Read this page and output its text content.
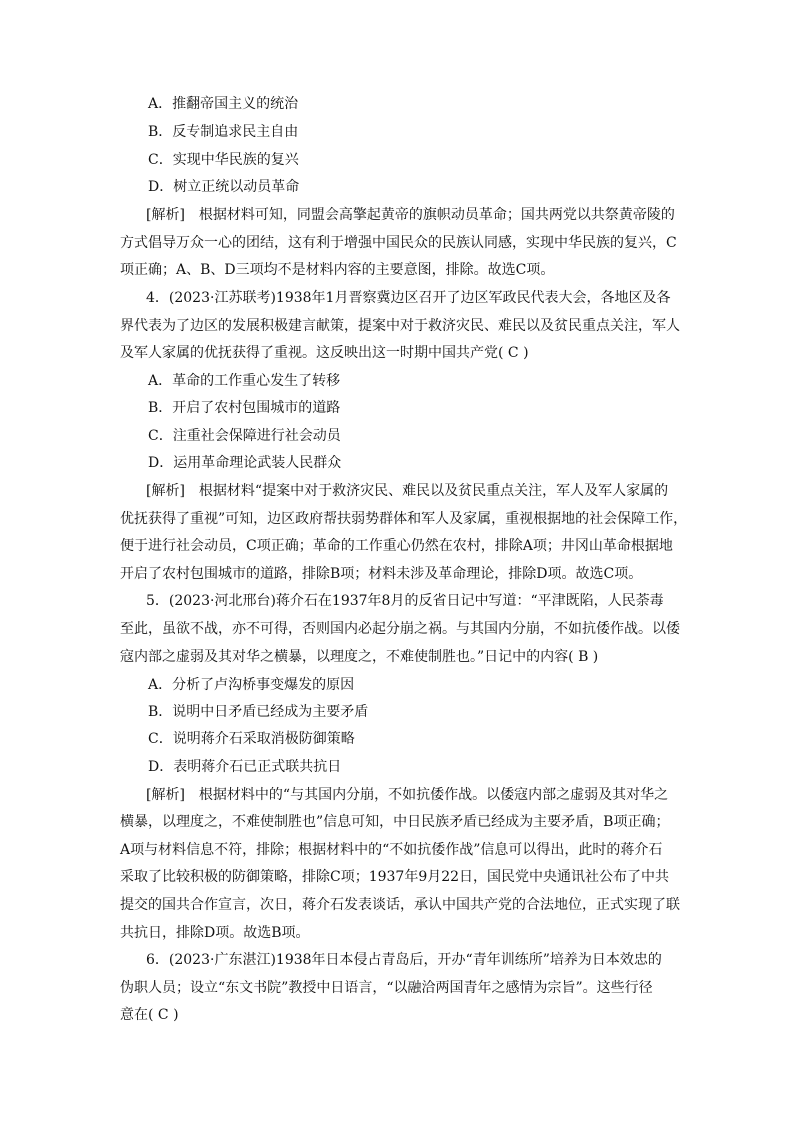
A．推翻帝国主义的统治
B．反专制追求民主自由
C．实现中华民族的复兴
D．树立正统以动员革命
[解析]　根据材料可知，同盟会高擎起黄帝的旗帜动员革命；国共两党以共祭黄帝陵的
方式倡导万众一心的团结，这有利于增强中国民众的民族认同感，实现中华民族的复兴，C
项正确；A、B、D三项均不是材料内容的主要意图，排除。故选C项。
4．(2023·江苏联考)1938年1月晋察冀边区召开了边区军政民代表大会，各地区及各
界代表为了边区的发展积极建言献策，提案中对于救济灾民、难民以及贫民重点关注，军人
及军人家属的优抚获得了重视。这反映出这一时期中国共产党( C )
A．革命的工作重心发生了转移
B．开启了农村包围城市的道路
C．注重社会保障进行社会动员
D．运用革命理论武装人民群众
[解析]　根据材料“提案中对于救济灾民、难民以及贫民重点关注，军人及军人家属的
优抚获得了重视”可知，边区政府帮扶弱势群体和军人及家属，重视根据地的社会保障工作，
便于进行社会动员，C项正确；革命的工作重心仍然在农村，排除A项；井冈山革命根据地
开启了农村包围城市的道路，排除B项；材料未涉及革命理论，排除D项。故选C项。
5．(2023·河北邢台)蒋介石在1937年8月的反省日记中写道：“平津既陷，人民荼毒
至此，虽欲不战，亦不可得，否则国内必起分崩之祸。与其国内分崩，不如抗倭作战。以倭
寇内部之虚弱及其对华之横暴，以理度之，不难使制胜也。”日记中的内容( B )
A．分析了卢沟桥事变爆发的原因
B．说明中日矛盾已经成为主要矛盾
C．说明蒋介石采取消极防御策略
D．表明蒋介石已正式联共抗日
[解析]　根据材料中的“与其国内分崩，不如抗倭作战。以倭寇内部之虚弱及其对华之
横暴，以理度之，不难使制胜也”信息可知，中日民族矛盾已经成为主要矛盾，B项正确；
A项与材料信息不符，排除；根据材料中的“不如抗倭作战”信息可以得出，此时的蒋介石
采取了比较积极的防御策略，排除C项；1937年9月22日，国民党中央通讯社公布了中共
提交的国共合作宣言，次日，蒋介石发表谈话，承认中国共产党的合法地位，正式实现了联
共抗日，排除D项。故选B项。
6．(2023·广东湛江)1938年日本侵占青岛后，开办“青年训练所”培养为日本效忠的
伪职人员；设立“东文书院”教授中日语言，“以融洽两国青年之感情为宗旨”。这些行径
意在( C )
